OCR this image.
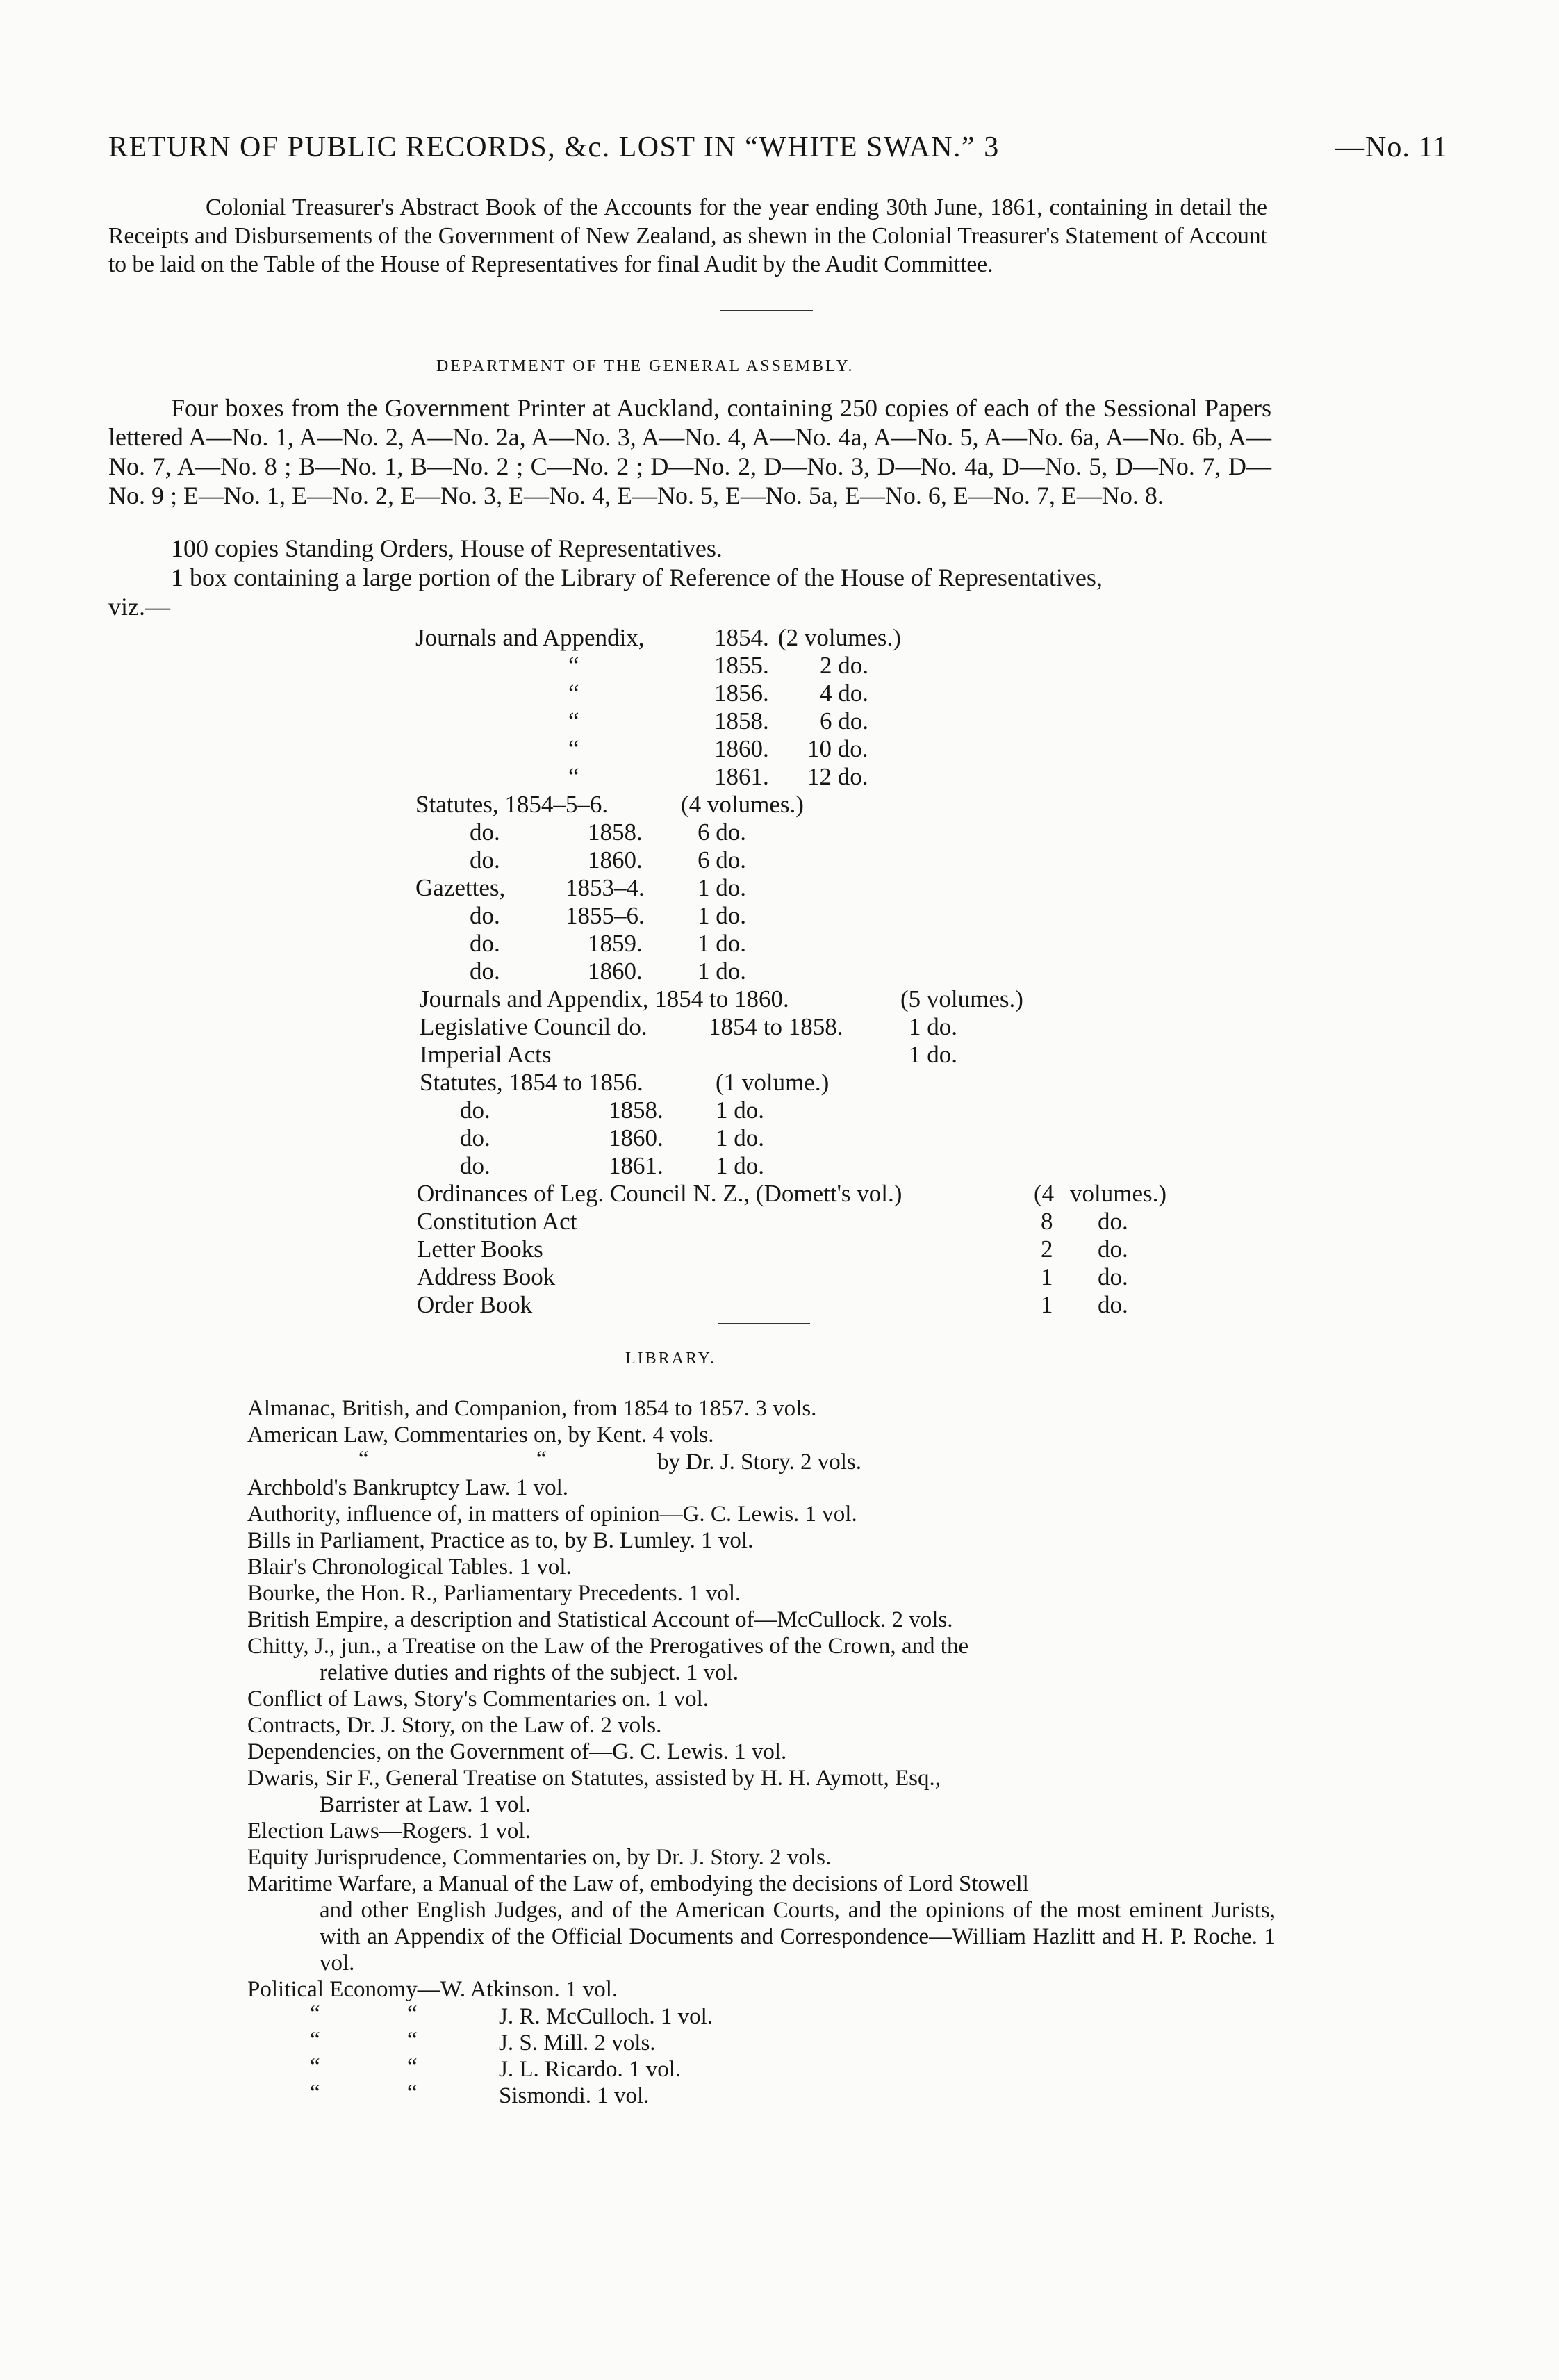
RETURN OF PUBLIC RECORDS, &c. LOST IN “WHITE SWAN.” 3	—No. 11
Colonial Treasurer's Abstract Book of the Accounts for the year ending 30th June, 1861, containing in detail the Receipts and Disbursements of the Government of New Zealand, as shewn in the Colonial Treasurer's Statement of Account to be laid on the Table of the House of Representatives for final Audit by the Audit Committee.
DEPARTMENT OF THE GENERAL ASSEMBLY.
Four boxes from the Government Printer at Auckland, containing 250 copies of each of the Sessional Papers lettered A—No. 1, A—No. 2, A—No. 2a, A—No. 3, A—No. 4, A—No. 4a, A—No. 5, A—No. 6a, A—No. 6b, A—No. 7, A—No. 8 ; B—No. 1, B—No. 2 ; C—No. 2 ; D—No. 2, D—No. 3, D—No. 4a, D—No. 5, D—No. 7, D—No. 9 ; E—No. 1, E—No. 2, E—No. 3, E—No. 4, E—No. 5, E—No. 5a, E—No. 6, E—No. 7, E—No. 8.
100 copies Standing Orders, House of Representatives.
1 box containing a large portion of the Library of Reference of the House of Representatives,
viz.—
Journals and Appendix,	1854. (2 volumes.)
“	1855. 2 do.
“	1856. 4 do.
“	1858. 6 do.
“	1860. 10 do.
“	1861. 12 do.
Statutes, 1854–5–6.	(4 volumes.)
do.	1858. 6 do.
do.	1860. 6 do.
Gazettes, 1853–4. 1 do.
do.	1855–6. 1 do.
do.	1859. 1 do.
do.	1860. 1 do.
Journals and Appendix, 1854 to 1860.	(5 volumes.)
Legislative Council do.	1854 to 1858.	1 do.
Imperial Acts	1 do.
Statutes, 1854 to 1856.	(1 volume.)
do.	1858. 1 do.
do.	1860. 1 do.
do.	1861. 1 do.
Ordinances of Leg. Council N. Z., (Domett's vol.)	(4 volumes.)
Constitution Act	8 do.
Letter Books	2 do.
Address Book	1 do.
Order Book	1 do.
LIBRARY.
Almanac, British, and Companion, from 1854 to 1857. 3 vols.
American Law, Commentaries on, by Kent. 4 vols.
“	“	by Dr. J. Story. 2 vols.
Archbold's Bankruptcy Law. 1 vol.
Authority, influence of, in matters of opinion—G. C. Lewis. 1 vol.
Bills in Parliament, Practice as to, by B. Lumley. 1 vol.
Blair's Chronological Tables. 1 vol.
Bourke, the Hon. R., Parliamentary Precedents. 1 vol.
British Empire, a description and Statistical Account of—McCullock. 2 vols.
Chitty, J., jun., a Treatise on the Law of the Prerogatives of the Crown, and the
relative duties and rights of the subject. 1 vol.
Conflict of Laws, Story's Commentaries on. 1 vol.
Contracts, Dr. J. Story, on the Law of. 2 vols.
Dependencies, on the Government of—G. C. Lewis. 1 vol.
Dwaris, Sir F., General Treatise on Statutes, assisted by H. H. Aymott, Esq.,
Barrister at Law. 1 vol.
Election Laws—Rogers. 1 vol.
Equity Jurisprudence, Commentaries on, by Dr. J. Story. 2 vols.
Maritime Warfare, a Manual of the Law of, embodying the decisions of Lord Stowell
and other English Judges, and of the American Courts, and the opinions of the most eminent Jurists, with an Appendix of the Official Documents and Correspondence—William Hazlitt and H. P. Roche. 1 vol.
Political Economy—W. Atkinson. 1 vol.
“	“	J. R. McCulloch. 1 vol.
“	“	J. S. Mill. 2 vols.
“	“	J. L. Ricardo. 1 vol.
“	“	Sismondi. 1 vol.
